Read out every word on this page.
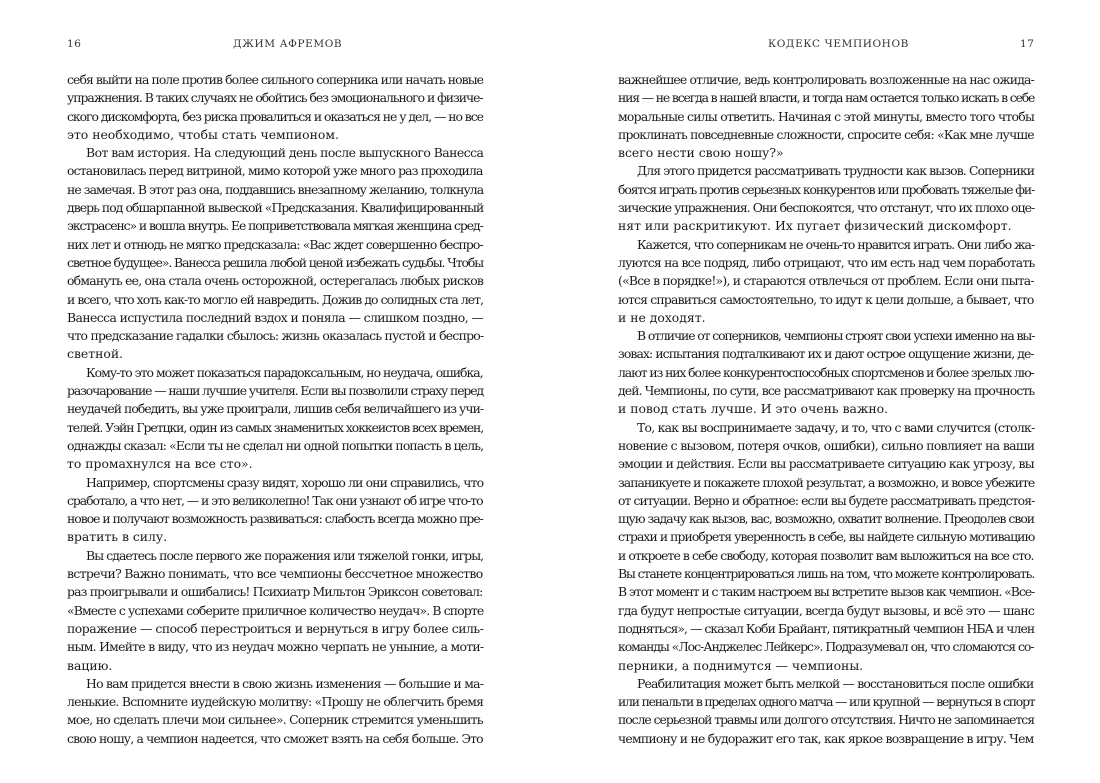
16	ДЖИМ АФРЕМОВ
себя выйти на поле против более сильного соперника или начать новые
упражнения. В таких случаях не обойтись без эмоционального и физиче-
ского дискомфорта, без риска провалиться и оказаться не у дел, — но все
это необходимо, чтобы стать чемпионом.
Вот вам история. На следующий день после выпускного Ванесса
остановилась перед витриной, мимо которой уже много раз проходила
не замечая. В этот раз она, поддавшись внезапному желанию, толкнула
дверь под обшарпанной вывеской «Предсказания. Квалифицированный
экстрасенс» и вошла внутрь. Ее поприветствовала мягкая женщина сред-
них лет и отнюдь не мягко предсказала: «Вас ждет совершенно беспро-
светное будущее». Ванесса решила любой ценой избежать судьбы. Чтобы
обмануть ее, она стала очень осторожной, остерегалась любых рисков
и всего, что хоть как-то могло ей навредить. Дожив до солидных ста лет,
Ванесса испустила последний вздох и поняла — слишком поздно, —
что предсказание гадалки сбылось: жизнь оказалась пустой и беспро-
светной.
Кому-то это может показаться парадоксальным, но неудача, ошибка,
разочарование — наши лучшие учителя. Если вы позволили страху перед
неудачей победить, вы уже проиграли, лишив себя величайшего из учи-
телей. Уэйн Гретцки, один из самых знаменитых хоккеистов всех времен,
однажды сказал: «Если ты не сделал ни одной попытки попасть в цель,
то промахнулся на все сто».
Например, спортсмены сразу видят, хорошо ли они справились, что
сработало, а что нет, — и это великолепно! Так они узнают об игре что-то
новое и получают возможность развиваться: слабость всегда можно пре-
вратить в силу.
Вы сдаетесь после первого же поражения или тяжелой гонки, игры,
встречи? Важно понимать, что все чемпионы бессчетное множество
раз проигрывали и ошибались! Психиатр Мильтон Эриксон советовал:
«Вместе с успехами соберите приличное количество неудач». В спорте
поражение — способ перестроиться и вернуться в игру более силь-
ным. Имейте в виду, что из неудач можно черпать не уныние, а моти-
вацию.
Но вам придется внести в свою жизнь изменения — большие и ма-
ленькие. Вспомните иудейскую молитву: «Прошу не облегчить бремя
мое, но сделать плечи мои сильнее». Соперник стремится уменьшить
свою ношу, а чемпион надеется, что сможет взять на себя больше. Это
КОДЕКС ЧЕМПИОНОВ	17
важнейшее отличие, ведь контролировать возложенные на нас ожида-
ния — не всегда в нашей власти, и тогда нам остается только искать в себе
моральные силы ответить. Начиная с этой минуты, вместо того чтобы
проклинать повседневные сложности, спросите себя: «Как мне лучше
всего нести свою ношу?»
Для этого придется рассматривать трудности как вызов. Соперники
боятся играть против серьезных конкурентов или пробовать тяжелые фи-
зические упражнения. Они беспокоятся, что отстанут, что их плохо оце-
нят или раскритикуют. Их пугает физический дискомфорт.
Кажется, что соперникам не очень-то нравится играть. Они либо жа-
луются на все подряд, либо отрицают, что им есть над чем поработать
(«Все в порядке!»), и стараются отвлечься от проблем. Если они пыта-
ются справиться самостоятельно, то идут к цели дольше, а бывает, что
и не доходят.
В отличие от соперников, чемпионы строят свои успехи именно на вы-
зовах: испытания подталкивают их и дают острое ощущение жизни, де-
лают из них более конкурентоспособных спортсменов и более зрелых лю-
дей. Чемпионы, по сути, все рассматривают как проверку на прочность
и повод стать лучше. И это очень важно.
То, как вы воспринимаете задачу, и то, что с вами случится (столк-
новение с вызовом, потеря очков, ошибки), сильно повлияет на ваши
эмоции и действия. Если вы рассматриваете ситуацию как угрозу, вы
запаникуете и покажете плохой результат, а возможно, и вовсе убежите
от ситуации. Верно и обратное: если вы будете рассматривать предстоя-
щую задачу как вызов, вас, возможно, охватит волнение. Преодолев свои
страхи и приобретя уверенность в себе, вы найдете сильную мотивацию
и откроете в себе свободу, которая позволит вам выложиться на все сто.
Вы станете концентрироваться лишь на том, что можете контролировать.
В этот момент и с таким настроем вы встретите вызов как чемпион. «Все-
гда будут непростые ситуации, всегда будут вызовы, и всё это — шанс
подняться», — сказал Коби Брайант, пятикратный чемпион НБА и член
команды «Лос-Анджелес Лейкерс». Подразумевал он, что сломаются со-
перники, а поднимутся — чемпионы.
Реабилитация может быть мелкой — восстановиться после ошибки
или пенальти в пределах одного матча — или крупной — вернуться в спорт
после серьезной травмы или долгого отсутствия. Ничто не запоминается
чемпиону и не будоражит его так, как яркое возвращение в игру. Чем
